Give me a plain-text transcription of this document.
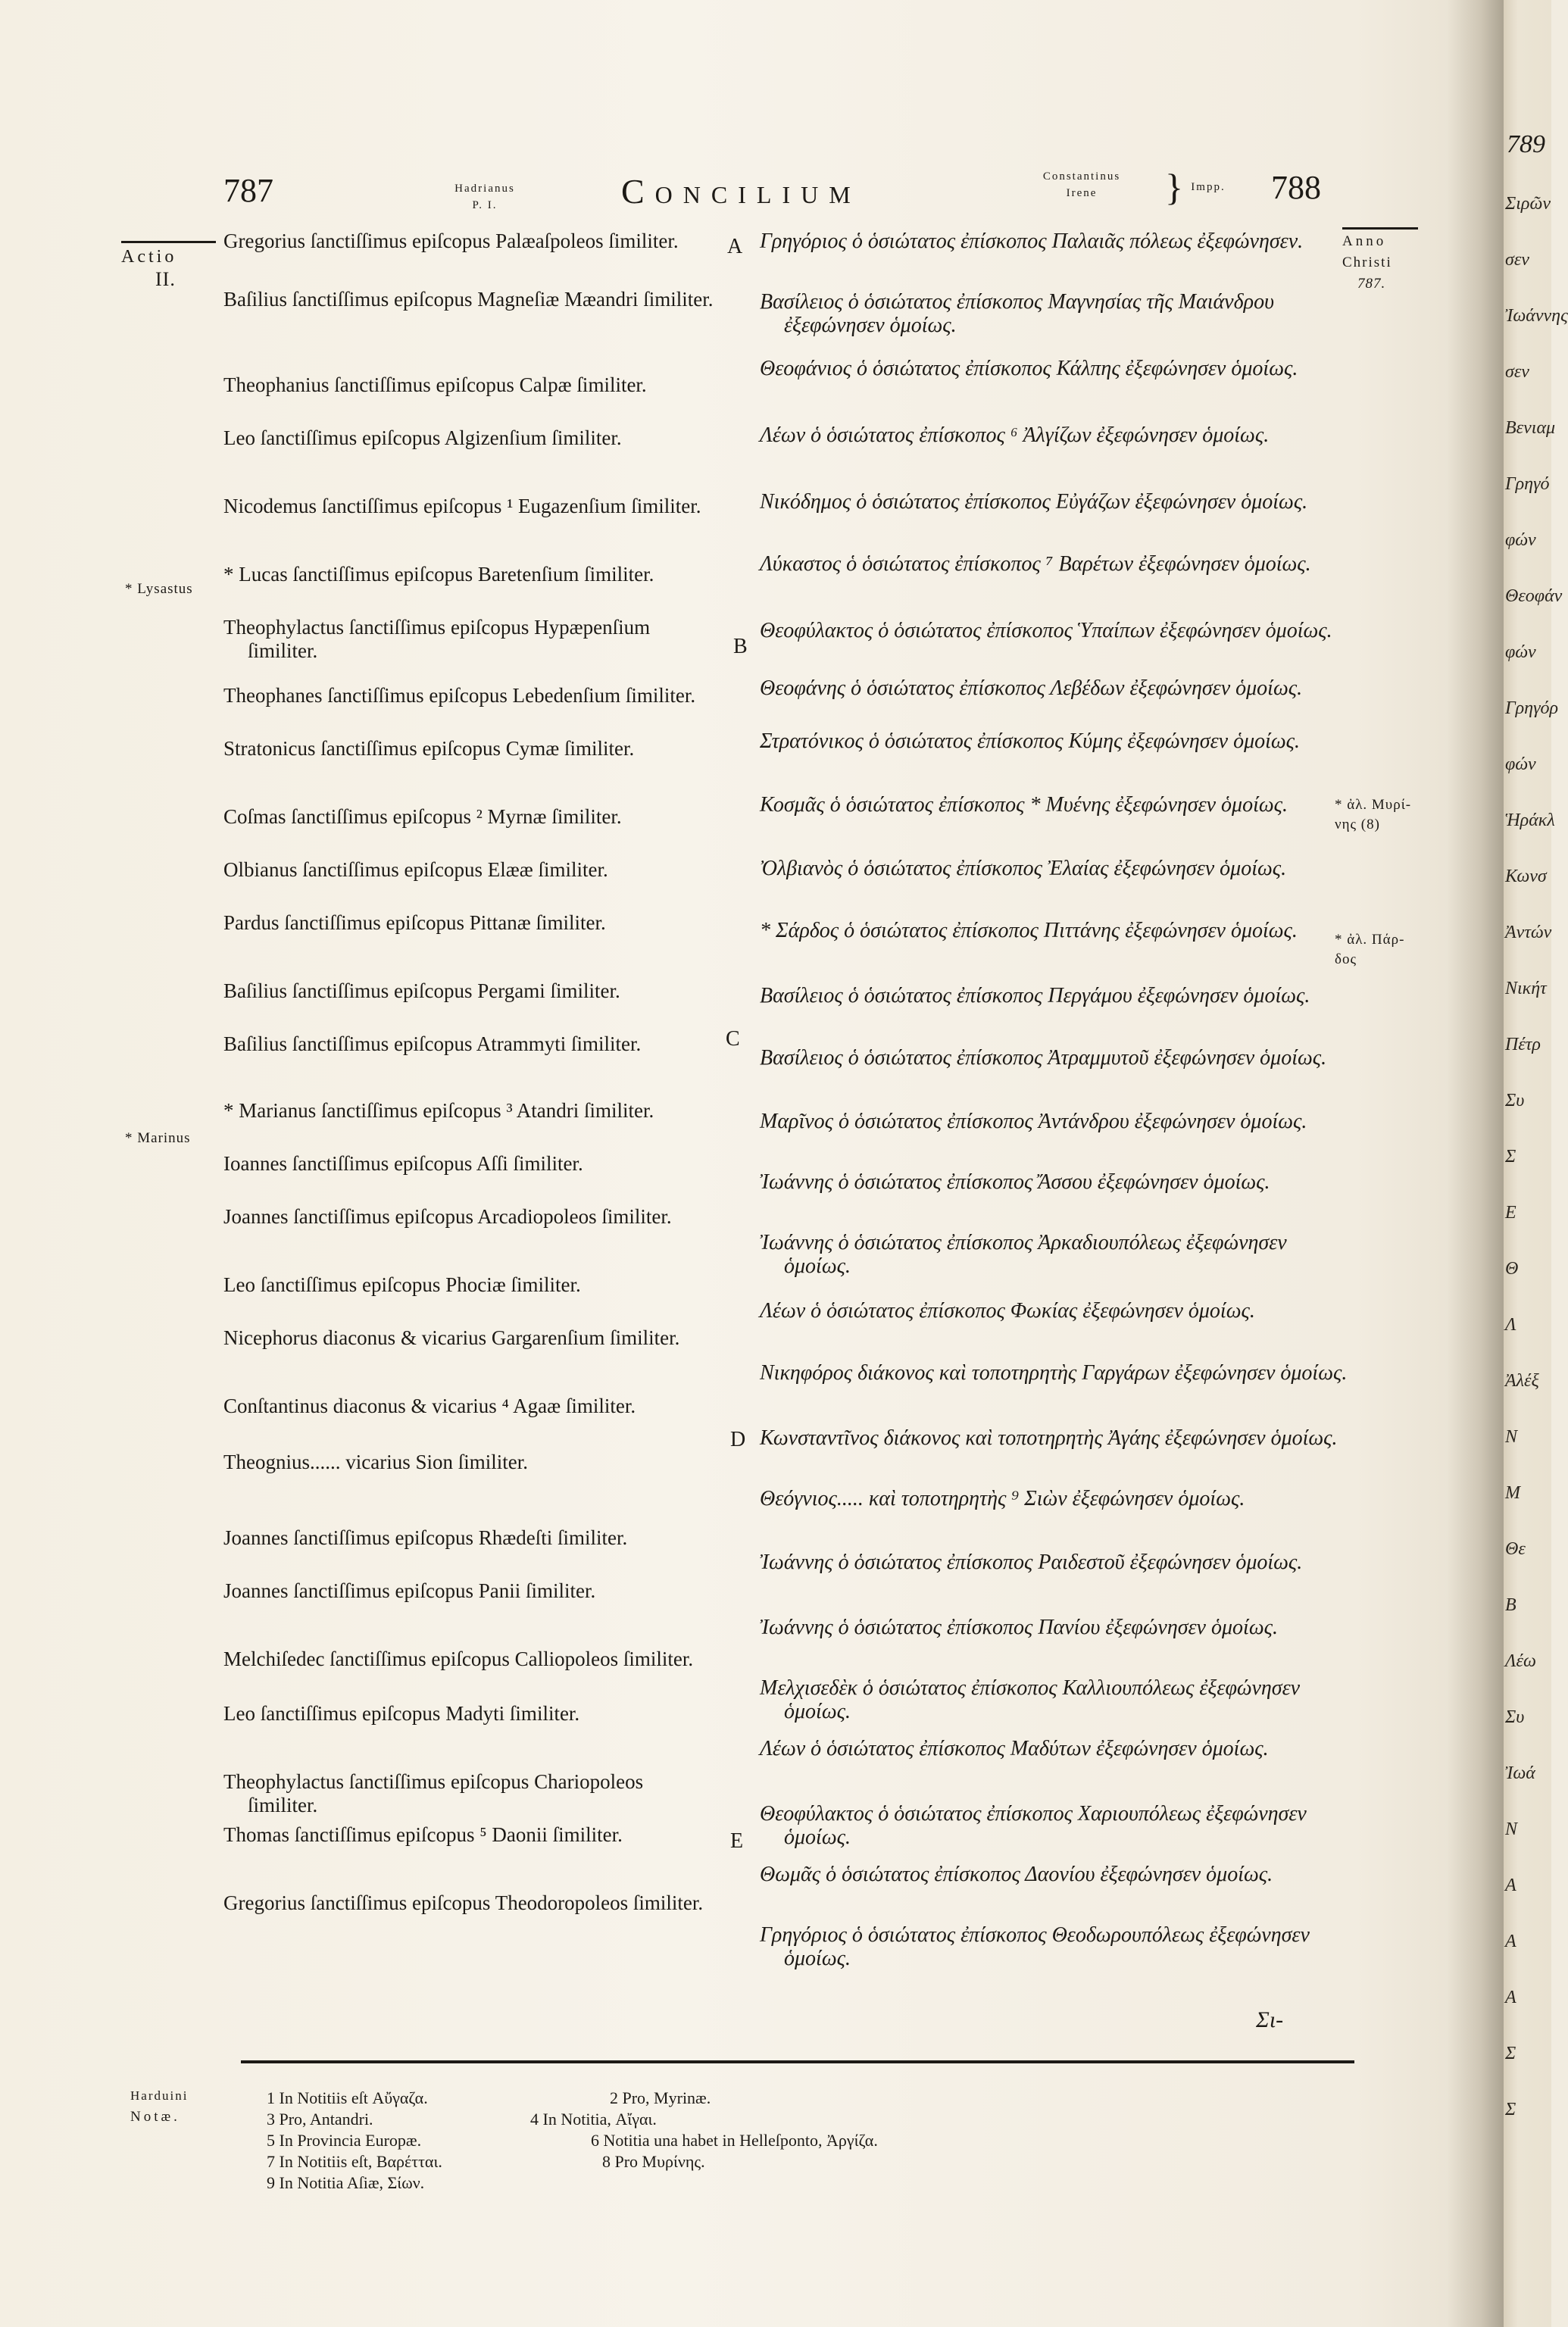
789
Σιρῶν
σεν
Ἰωάννης
σεν
Βενιαμ
Γρηγό
φών
Θεοφάν
φών
Γρηγόρ
φών
Ἡράκλ
Κωνσ
Ἀντών
Νικήτ
Πέτρ
Συ
Σ
Ε
Θ
Λ
Ἀλέξ
Ν
Μ
Θε
Β
Λέω
Συ
Ἰωά
Ν
Α
Α
Α
Σ
Σ
787	Hadrianus
P. I.	Concilium	Constantinus
Irene	} Impp. 788
Actio
II.
* Lysastus
* Marinus
Anno
Christi
787.
* ἀλ. Μυρί- νης (8)
* ἀλ. Πάρ- δος
A
B
C
D
E
Gregorius ſanctiſſimus epiſcopus Palæaſpoleos ſimiliter.
Baſilius ſanctiſſimus epiſcopus Magneſiæ Mæandri ſimiliter.
Theophanius ſanctiſſimus epiſcopus Calpæ ſimiliter.
Leo ſanctiſſimus epiſcopus Algizenſium ſimiliter.
Nicodemus ſanctiſſimus epiſcopus ¹ Eugazenſium ſimiliter.
* Lucas ſanctiſſimus epiſcopus Baretenſium ſimiliter.
Theophylactus ſanctiſſimus epiſcopus Hypæpenſium ſimiliter.
Theophanes ſanctiſſimus epiſcopus Lebedenſium ſimiliter.
Stratonicus ſanctiſſimus epiſcopus Cymæ ſimiliter.
Coſmas ſanctiſſimus epiſcopus ² Myrnæ ſimiliter.
Olbianus ſanctiſſimus epiſcopus Elææ ſimiliter.
Pardus ſanctiſſimus epiſcopus Pittanæ ſimiliter.
Baſilius ſanctiſſimus epiſcopus Pergami ſimiliter.
Baſilius ſanctiſſimus epiſcopus Atrammyti ſimiliter.
* Marianus ſanctiſſimus epiſcopus ³ Atandri ſimiliter.
Ioannes ſanctiſſimus epiſcopus Aſſi ſimiliter.
Joannes ſanctiſſimus epiſcopus Arcadiopoleos ſimiliter.
Leo ſanctiſſimus epiſcopus Phociæ ſimiliter.
Nicephorus diaconus & vicarius Gargarenſium ſimiliter.
Conſtantinus diaconus & vicarius ⁴ Agaæ ſimiliter.
Theognius...... vicarius Sion ſimiliter.
Joannes ſanctiſſimus epiſcopus Rhædeſti ſimiliter.
Joannes ſanctiſſimus epiſcopus Panii ſimiliter.
Melchiſedec ſanctiſſimus epiſcopus Calliopoleos ſimiliter.
Leo ſanctiſſimus epiſcopus Madyti ſimiliter.
Theophylactus ſanctiſſimus epiſcopus Chariopoleos ſimiliter.
Thomas ſanctiſſimus epiſcopus ⁵ Daonii ſimiliter.
Gregorius ſanctiſſimus epiſcopus Theodoropoleos ſimiliter.
Γρηγόριος ὁ ὁσιώτατος ἐπίσκοπος Παλαιᾶς πόλεως ἐξεφώνησεν.
Βασίλειος ὁ ὁσιώτατος ἐπίσκοπος Μαγνησίας τῆς Μαιάνδρου ἐξεφώνησεν ὁμοίως.
Θεοφάνιος ὁ ὁσιώτατος ἐπίσκοπος Κάλπης ἐξεφώνησεν ὁμοίως.
Λέων ὁ ὁσιώτατος ἐπίσκοπος ⁶ Ἀλγίζων ἐξεφώνησεν ὁμοίως.
Νικόδημος ὁ ὁσιώτατος ἐπίσκοπος Εὐγάζων ἐξεφώνησεν ὁμοίως.
Λύκαστος ὁ ὁσιώτατος ἐπίσκοπος ⁷ Βαρέτων ἐξεφώνησεν ὁμοίως.
Θεοφύλακτος ὁ ὁσιώτατος ἐπίσκοπος Ὑπαίπων ἐξεφώνησεν ὁμοίως.
Θεοφάνης ὁ ὁσιώτατος ἐπίσκοπος Λεβέδων ἐξεφώνησεν ὁμοίως.
Στρατόνικος ὁ ὁσιώτατος ἐπίσκοπος Κύμης ἐξεφώνησεν ὁμοίως.
Κοσμᾶς ὁ ὁσιώτατος ἐπίσκοπος * Μυένης ἐξεφώνησεν ὁμοίως.
Ὀλβιανὸς ὁ ὁσιώτατος ἐπίσκοπος Ἐλαίας ἐξεφώνησεν ὁμοίως.
* Σάρδος ὁ ὁσιώτατος ἐπίσκοπος Πιττάνης ἐξεφώνησεν ὁμοίως.
Βασίλειος ὁ ὁσιώτατος ἐπίσκοπος Περγάμου ἐξεφώνησεν ὁμοίως.
Βασίλειος ὁ ὁσιώτατος ἐπίσκοπος Ἀτραμμυτοῦ ἐξεφώνησεν ὁμοίως.
Μαρῖνος ὁ ὁσιώτατος ἐπίσκοπος Ἀντάνδρου ἐξεφώνησεν ὁμοίως.
Ἰωάννης ὁ ὁσιώτατος ἐπίσκοπος Ἄσσου ἐξεφώνησεν ὁμοίως.
Ἰωάννης ὁ ὁσιώτατος ἐπίσκοπος Ἀρκαδιουπόλεως ἐξεφώνησεν ὁμοίως.
Λέων ὁ ὁσιώτατος ἐπίσκοπος Φωκίας ἐξεφώνησεν ὁμοίως.
Νικηφόρος διάκονος καὶ τοποτηρητὴς Γαργάρων ἐξεφώνησεν ὁμοίως.
Κωνσταντῖνος διάκονος καὶ τοποτηρητὴς Ἀγάης ἐξεφώνησεν ὁμοίως.
Θεόγνιος..... καὶ τοποτηρητὴς ⁹ Σιὼν ἐξεφώνησεν ὁμοίως.
Ἰωάννης ὁ ὁσιώτατος ἐπίσκοπος Ραιδεστοῦ ἐξεφώνησεν ὁμοίως.
Ἰωάννης ὁ ὁσιώτατος ἐπίσκοπος Πανίου ἐξεφώνησεν ὁμοίως.
Μελχισεδὲκ ὁ ὁσιώτατος ἐπίσκοπος Καλλιουπόλεως ἐξεφώνησεν ὁμοίως.
Λέων ὁ ὁσιώτατος ἐπίσκοπος Μαδύτων ἐξεφώνησεν ὁμοίως.
Θεοφύλακτος ὁ ὁσιώτατος ἐπίσκοπος Χαριουπόλεως ἐξεφώνησεν ὁμοίως.
Θωμᾶς ὁ ὁσιώτατος ἐπίσκοπος Δαονίου ἐξεφώνησεν ὁμοίως.
Γρηγόριος ὁ ὁσιώτατος ἐπίσκοπος Θεοδωρουπόλεως ἐξεφώνησεν ὁμοίως.
Σι-
Harduini
Notæ.
1 In Notitiis eſt Αὔγαζα.	2 Pro, Myrinæ.
3 Pro, Antandri.	4 In Notitia, Αἴγαι.
5 In Provincia Europæ.	6 Notitia una habet in Helleſponto, Ἀργίζα.
7 In Notitiis eſt, Βαρέτται.	8 Pro Μυρίνης.
9 In Notitia Aſiæ, Σίων.
